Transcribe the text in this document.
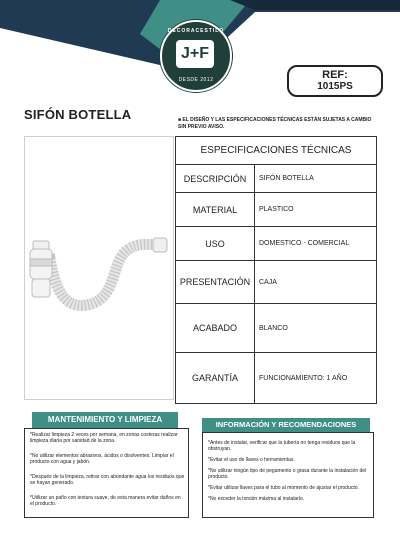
DECORACESTILO
J+F
DESDE 2012	REF:
1015PS
SIFÓN BOTELLA	■ EL DISEÑO Y LAS ESPECIFICACIONES TÉCNICAS ESTÁN SUJETAS A CAMBIO SIN PREVIO AVISO.
ESPECIFICACIONES TÉCNICAS
DESCRIPCIÓN	SIFÓN BOTELLA
MATERIAL	PLASTICO
USO	DOMESTICO - COMERCIAL
PRESENTACIÓN	CAJA
ACABADO	BLANCO
GARANTÍA	FUNCIONAMIENTO: 1 AÑO
MANTENIMIENTO Y LIMPIEZA
*Realizar limpieza 2 veces por semana, en zonas costeras realizar limpieza diaria por sanidad de la zona.
*No utilizar elementos abrasivos, ácidos o disolventes. Limpiar el producto con agua y jabón.
*Después de la limpieza, retirar con abundante agua los residuos que se hayan generado.
*Utilizar un paño con textura suave, de esta manera evitar daños en el producto.
INFORMACIÓN Y RECOMENDACIONES
*Antes de instalar, verificar que la tubería no tenga residuos que la obstruyan.
*Evitar el uso de llaves o herramientas.
*No utilizar ningún tipo de pegamento o grasa durante la instalación del producto.
*Evitar utilizar llaves para el tubo al momento de ajustar el producto.
*No exceder la torsión máxima al instalarlo.
